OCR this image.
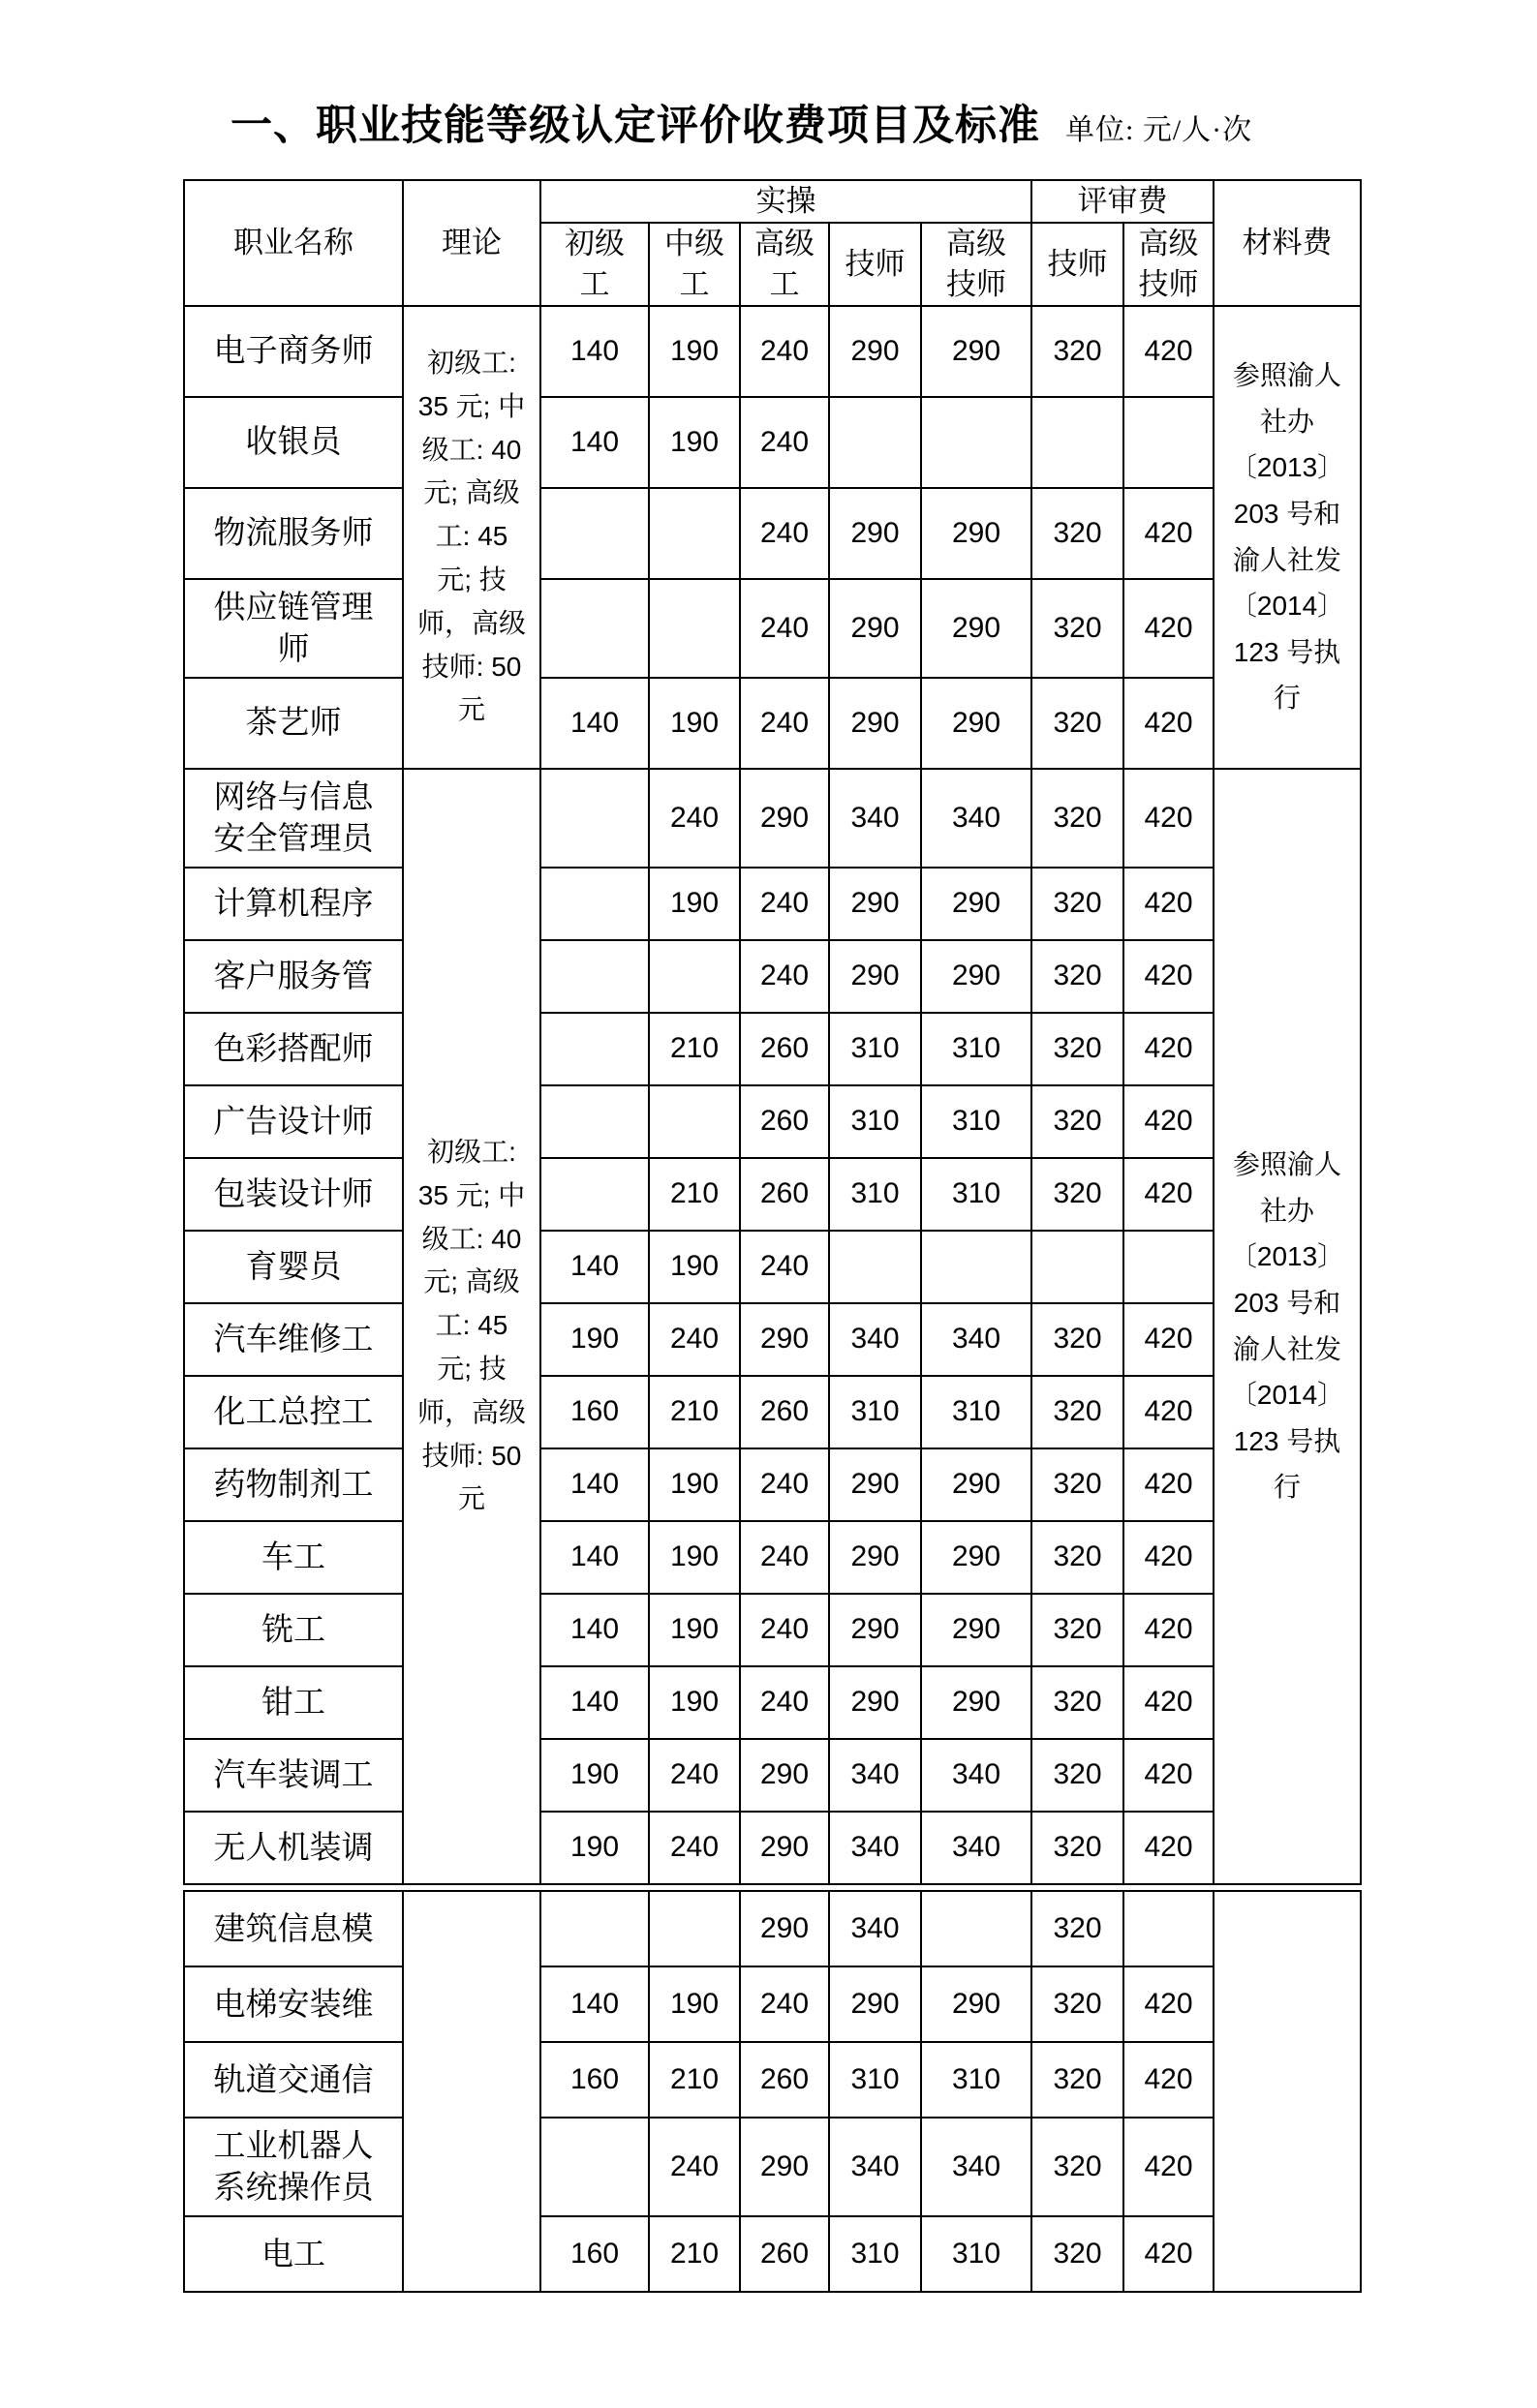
一、职业技能等级认定评价收费项目及标准 单位: 元/人·次
职业名称	理论	实操					评审费		材料费
		初级工	中级工	高级工	技师	高级技师	技师	高级技师	
电子商务师	初级工: 35 元; 中级工: 40 元; 高级工: 45 元; 技师，高级技师: 50 元	140	190	240	290	290	320	420	参照渝人社办〔2013〕203 号和渝人社发〔2014〕123 号执行
收银员		140	190	240					
物流服务师				240	290	290	320	420	
供应链管理师				240	290	290	320	420	
茶艺师		140	190	240	290	290	320	420	
网络与信息安全管理员	初级工: 35 元; 中级工: 40 元; 高级工: 45 元; 技师，高级技师: 50 元		240	290	340	340	320	420	参照渝人社办〔2013〕203 号和渝人社发〔2014〕123 号执行
计算机程序			190	240	290	290	320	420	
客户服务管				240	290	290	320	420	
色彩搭配师			210	260	310	310	320	420	
广告设计师				260	310	310	320	420	
包装设计师			210	260	310	310	320	420	
育婴员		140	190	240					
汽车维修工		190	240	290	340	340	320	420	
化工总控工		160	210	260	310	310	320	420	
药物制剂工		140	190	240	290	290	320	420	
车工		140	190	240	290	290	320	420	
铣工		140	190	240	290	290	320	420	
钳工		140	190	240	290	290	320	420	
汽车装调工		190	240	290	340	340	320	420	
无人机装调		190	240	290	340	340	320	420	
建筑信息模				290	340		320		
电梯安装维		140	190	240	290	290	320	420	
轨道交通信		160	210	260	310	310	320	420	
工业机器人系统操作员			240	290	340	340	320	420	
电工		160	210	260	310	310	320	420	
